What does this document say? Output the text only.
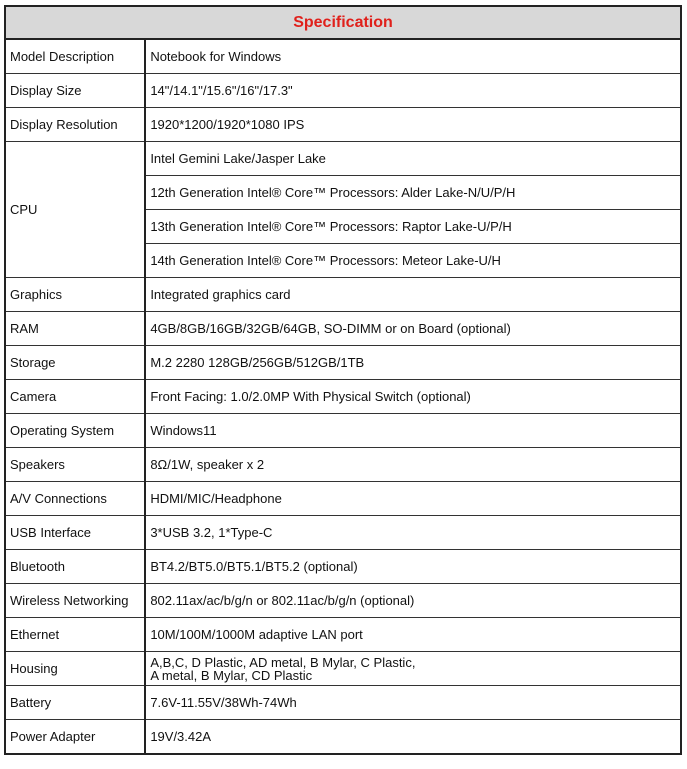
Specification	

Model Description	Notebook for Windows
Display Size	14"/14.1"/15.6"/16"/17.3"
Display Resolution	1920*1200/1920*1080 IPS
CPU	Intel Gemini Lake/Jasper Lake
	12th Generation Intel® Core™ Processors: Alder Lake-N/U/P/H
	13th Generation Intel® Core™ Processors: Raptor Lake-U/P/H
	14th Generation Intel® Core™ Processors: Meteor Lake-U/H
Graphics	Integrated graphics card
RAM	4GB/8GB/16GB/32GB/64GB, SO-DIMM or on Board (optional)
Storage	M.2 2280 128GB/256GB/512GB/1TB
Camera	Front Facing: 1.0/2.0MP With Physical Switch (optional)
Operating System	Windows11
Speakers	8Ω/1W, speaker x 2
A/V Connections	HDMI/MIC/Headphone
USB Interface	3*USB 3.2, 1*Type-C
Bluetooth	BT4.2/BT5.0/BT5.1/BT5.2 (optional)
Wireless Networking	802.11ax/ac/b/g/n or 802.11ac/b/g/n (optional)
Ethernet	10M/100M/1000M adaptive LAN port
Housing	A,B,C, D Plastic, AD metal, B Mylar, C Plastic,
A metal, B Mylar, CD Plastic
Battery	7.6V-11.55V/38Wh-74Wh
Power Adapter	19V/3.42A
